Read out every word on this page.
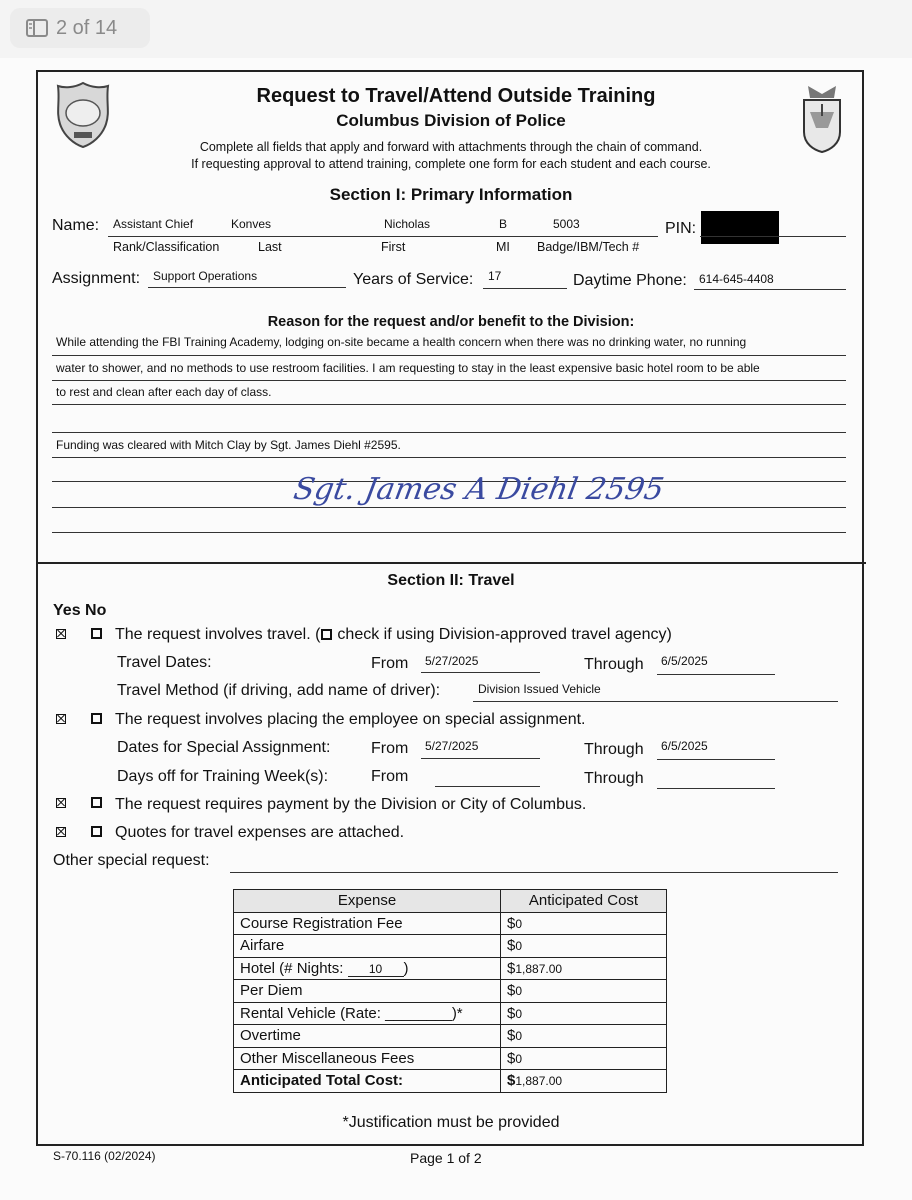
2 of 14
Request to Travel/Attend Outside Training
Columbus Division of Police
Complete all fields that apply and forward with attachments through the chain of command.
If requesting approval to attend training, complete one form for each student and each course.
Section I: Primary Information
Name: Assistant Chief	Konves	Nicholas	B	5003	PIN:
Rank/Classification	Last	First	MI Badge/IBM/Tech #
Assignment: Support Operations	Years of Service: 17	Daytime Phone: 614-645-4408
Reason for the request and/or benefit to the Division:
While attending the FBI Training Academy, lodging on-site became a health concern when there was no drinking water, no running
water to shower, and no methods to use restroom facilities. I am requesting to stay in the least expensive basic hotel room to be able
to rest and clean after each day of class.
Funding was cleared with Mitch Clay by Sgt. James Diehl #2595.
Sgt. James A Diehl 2595
Section II: Travel
Yes No
The request involves travel. ( check if using Division-approved travel agency)
Travel Dates:	From 5/27/2025	Through 6/5/2025
Travel Method (if driving, add name of driver):	Division Issued Vehicle
The request involves placing the employee on special assignment.
Dates for Special Assignment:	From 5/27/2025	Through 6/5/2025
Days off for Training Week(s):	From	Through
The request requires payment by the Division or City of Columbus.
Quotes for travel expenses are attached.
Other special request:
Expense	Anticipated Cost
Course Registration Fee	$0
Airfare	$0
Hotel (# Nights: 10 )	$1,887.00
Per Diem	$0
Rental Vehicle (Rate: ________)*	$0
Overtime	$0
Other Miscellaneous Fees	$0
Anticipated Total Cost:	$1,887.00
*Justification must be provided
S-70.116 (02/2024)	Page 1 of 2
